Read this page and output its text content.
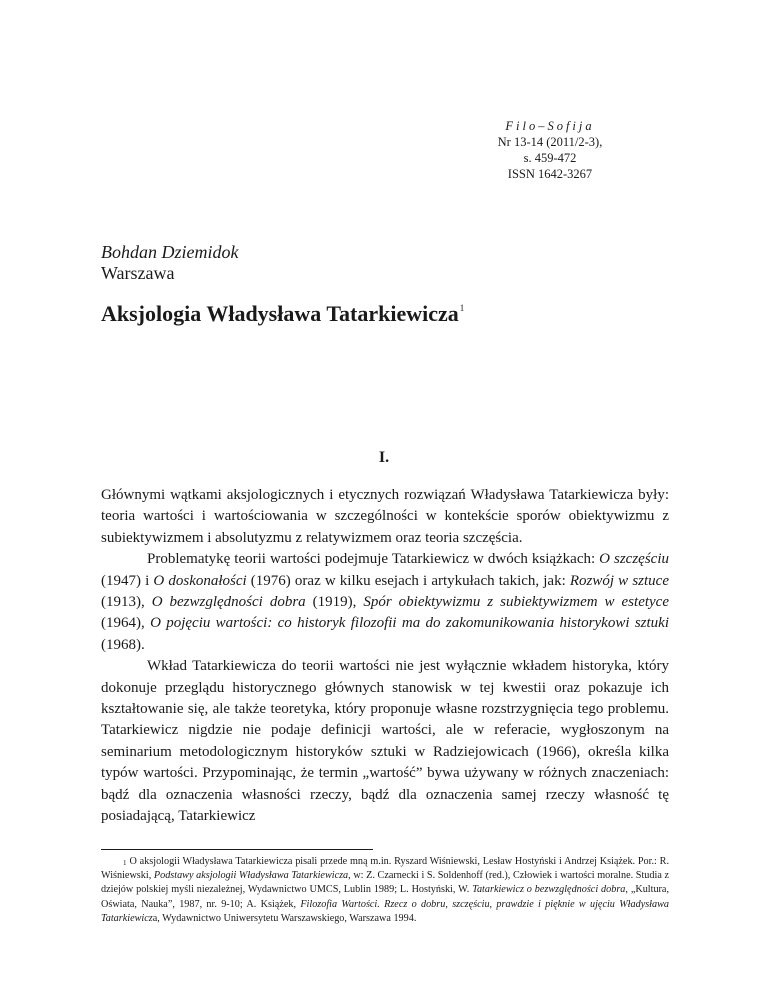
Filo–Sofija
Nr 13-14 (2011/2-3),
s. 459-472
ISSN 1642-3267
Bohdan Dziemidok
Warszawa
Aksjologia Władysława Tatarkiewicza$^1$
I.

Głównymi wątkami aksjologicznych i etycznych rozwiązań Władysława Tatarkiewicza były: teoria wartości i wartościowania w szczególności w kontekście sporów obiektywizmu z subiektywizmem i absolutyzmu z relatywizmem oraz teoria szczęścia.

Problematykę teorii wartości podejmuje Tatarkiewicz w dwóch książkach: O szczęściu (1947) i O doskonałości (1976) oraz w kilku esejach i artykułach takich, jak: Rozwój w sztuce (1913), O bezwzględności dobra (1919), Spór obiektywizmu z subiektywizmem w estetyce (1964), O pojęciu wartości: co historyk filozofii ma do zakomunikowania historykowi sztuki (1968).

Wkład Tatarkiewicza do teorii wartości nie jest wyłącznie wkładem historyka, który dokonuje przeglądu historycznego głównych stanowisk w tej kwestii oraz pokazuje ich kształtowanie się, ale także teoretyka, który proponuje własne rozstrzygnięcia tego problemu. Tatarkiewicz nigdzie nie podaje definicji wartości, ale w referacie, wygłoszonym na seminarium metodologicznym historyków sztuki w Radziejowicach (1966), określa kilka typów wartości. Przypominając, że termin „wartość” bywa używany w różnych znaczeniach: bądź dla oznaczenia własności rzeczy, bądź dla oznaczenia samej rzeczy własność tę posiadającą, Tatarkiewicz

$^1$ O aksjologii Władysława Tatarkiewicza pisali przede mną m.in. Ryszard Wiśniewski, Lesław Hostyński i Andrzej Książek. Por.: R. Wiśniewski, Podstawy aksjologii Władysława Tatarkiewicza, w: Z. Czarnecki i S. Soldenhoff (red.), Człowiek i wartości moralne. Studia z dziejów polskiej myśli niezależnej, Wydawnictwo UMCS, Lublin 1989; L. Hostyński, W. Tatarkiewicz o bezwzględności dobra, „Kultura, Oświata, Nauka”, 1987, nr. 9-10; A. Książek, Filozofia Wartości. Rzecz o dobru, szczęściu, prawdzie i pięknie w ujęciu Władysława Tatarkiewicza, Wydawnictwo Uniwersytetu Warszawskiego, Warszawa 1994.
